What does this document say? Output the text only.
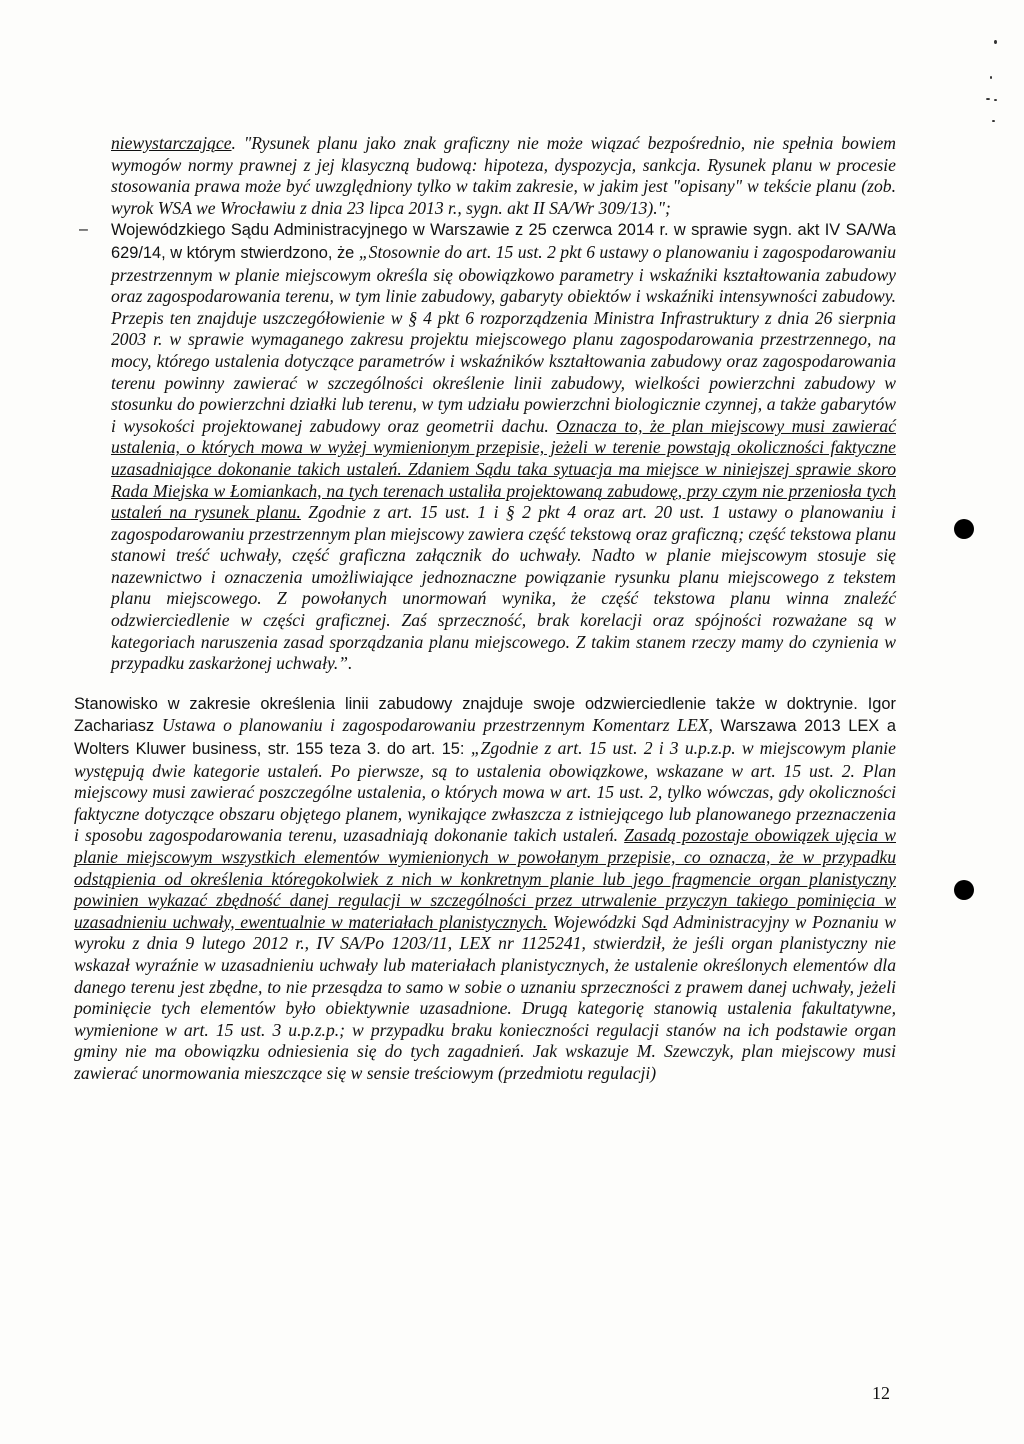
niewystarczające. "Rysunek planu jako znak graficzny nie może wiązać bezpośrednio, nie spełnia bowiem wymogów normy prawnej z jej klasyczną budową: hipoteza, dyspozycja, sankcja. Rysunek planu w procesie stosowania prawa może być uwzględniony tylko w takim zakresie, w jakim jest "opisany" w tekście planu (zob. wyrok WSA we Wrocławiu z dnia 23 lipca 2013 r., sygn. akt II SA/Wr 309/13).";

– Wojewódzkiego Sądu Administracyjnego w Warszawie z 25 czerwca 2014 r. w sprawie sygn. akt IV SA/Wa 629/14, w którym stwierdzono, że „Stosownie do art. 15 ust. 2 pkt 6 ustawy o planowaniu i zagospodarowaniu przestrzennym w planie miejscowym określa się obowiązkowo parametry i wskaźniki kształtowania zabudowy oraz zagospodarowania terenu, w tym linie zabudowy, gabaryty obiektów i wskaźniki intensywności zabudowy. Przepis ten znajduje uszczegółowienie w § 4 pkt 6 rozporządzenia Ministra Infrastruktury z dnia 26 sierpnia 2003 r. w sprawie wymaganego zakresu projektu miejscowego planu zagospodarowania przestrzennego, na mocy, którego ustalenia dotyczące parametrów i wskaźników kształtowania zabudowy oraz zagospodarowania terenu powinny zawierać w szczególności określenie linii zabudowy, wielkości powierzchni zabudowy w stosunku do powierzchni działki lub terenu, w tym udziału powierzchni biologicznie czynnej, a także gabarytów i wysokości projektowanej zabudowy oraz geometrii dachu. Oznacza to, że plan miejscowy musi zawierać ustalenia, o których mowa w wyżej wymienionym przepisie, jeżeli w terenie powstają okoliczności faktyczne uzasadniające dokonanie takich ustaleń. Zdaniem Sądu taka sytuacja ma miejsce w niniejszej sprawie skoro Rada Miejska w Łomiankach, na tych terenach ustaliła projektowaną zabudowę, przy czym nie przeniosła tych ustaleń na rysunek planu. Zgodnie z art. 15 ust. 1 i § 2 pkt 4 oraz art. 20 ust. 1 ustawy o planowaniu i zagospodarowaniu przestrzennym plan miejscowy zawiera część tekstową oraz graficzną; część tekstowa planu stanowi treść uchwały, część graficzna załącznik do uchwały. Nadto w planie miejscowym stosuje się nazewnictwo i oznaczenia umożliwiające jednoznaczne powiązanie rysunku planu miejscowego z tekstem planu miejscowego. Z powołanych unormowań wynika, że część tekstowa planu winna znaleźć odzwierciedlenie w części graficznej. Zaś sprzeczność, brak korelacji oraz spójności rozważane są w kategoriach naruszenia zasad sporządzania planu miejscowego. Z takim stanem rzeczy mamy do czynienia w przypadku zaskarżonej uchwały.”.

Stanowisko w zakresie określenia linii zabudowy znajduje swoje odzwierciedlenie także w doktrynie. Igor Zachariasz Ustawa o planowaniu i zagospodarowaniu przestrzennym Komentarz LEX, Warszawa 2013 LEX a Wolters Kluwer business, str. 155 teza 3. do art. 15: „Zgodnie z art. 15 ust. 2 i 3 u.p.z.p. w miejscowym planie występują dwie kategorie ustaleń. Po pierwsze, są to ustalenia obowiązkowe, wskazane w art. 15 ust. 2. Plan miejscowy musi zawierać poszczególne ustalenia, o których mowa w art. 15 ust. 2, tylko wówczas, gdy okoliczności faktyczne dotyczące obszaru objętego planem, wynikające zwłaszcza z istniejącego lub planowanego przeznaczenia i sposobu zagospodarowania terenu, uzasadniają dokonanie takich ustaleń. Zasadą pozostaje obowiązek ujęcia w planie miejscowym wszystkich elementów wymienionych w powołanym przepisie, co oznacza, że w przypadku odstąpienia od określenia któregokolwiek z nich w konkretnym planie lub jego fragmencie organ planistyczny powinien wykazać zbędność danej regulacji w szczególności przez utrwalenie przyczyn takiego pominięcia w uzasadnieniu uchwały, ewentualnie w materiałach planistycznych. Wojewódzki Sąd Administracyjny w Poznaniu w wyroku z dnia 9 lutego 2012 r., IV SA/Po 1203/11, LEX nr 1125241, stwierdził, że jeśli organ planistyczny nie wskazał wyraźnie w uzasadnieniu uchwały lub materiałach planistycznych, że ustalenie określonych elementów dla danego terenu jest zbędne, to nie przesądza to samo w sobie o uznaniu sprzeczności z prawem danej uchwały, jeżeli pominięcie tych elementów było obiektywnie uzasadnione. Drugą kategorię stanowią ustalenia fakultatywne, wymienione w art. 15 ust. 3 u.p.z.p.; w przypadku braku konieczności regulacji stanów na ich podstawie organ gminy nie ma obowiązku odniesienia się do tych zagadnień. Jak wskazuje M. Szewczyk, plan miejscowy musi zawierać unormowania mieszczące się w sensie treściowym (przedmiotu regulacji)

12
